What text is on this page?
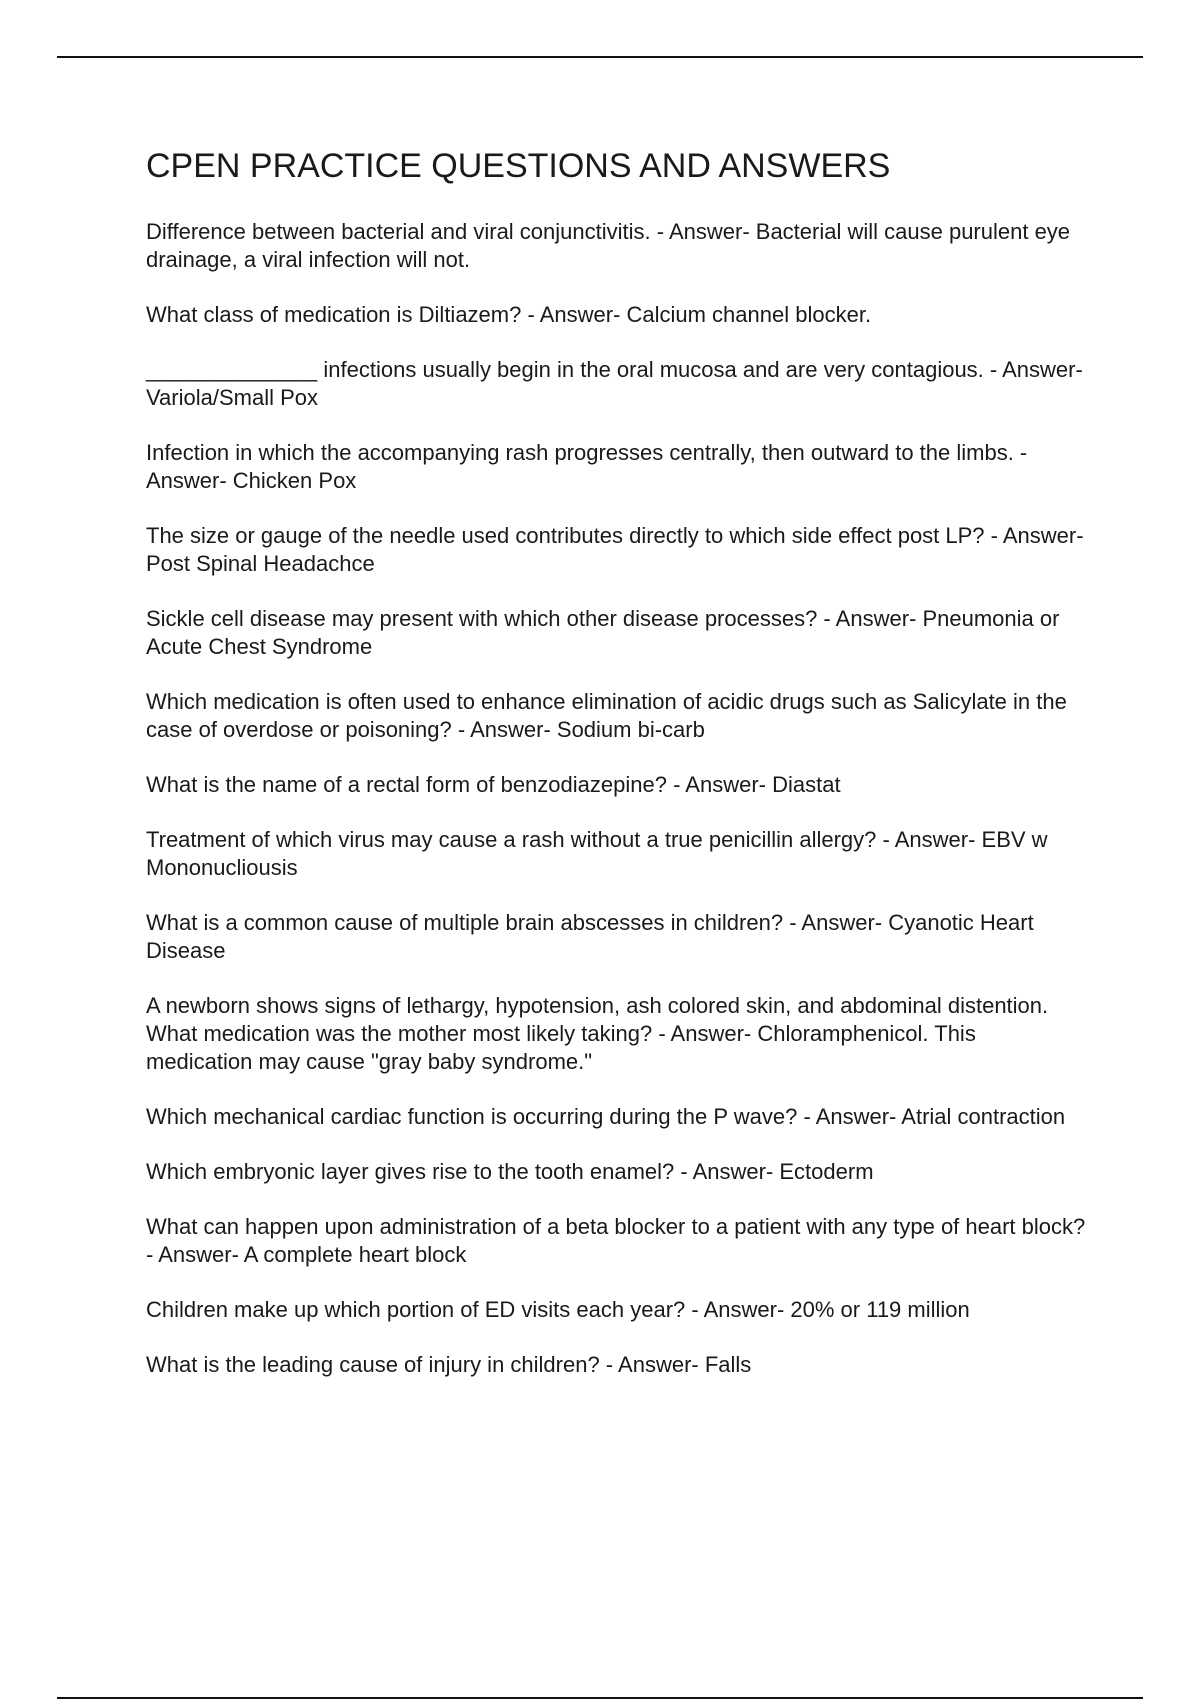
CPEN PRACTICE QUESTIONS AND ANSWERS
Difference between bacterial and viral conjunctivitis. - Answer- Bacterial will cause purulent eye drainage, a viral infection will not.
What class of medication is Diltiazem? - Answer- Calcium channel blocker.
______________ infections usually begin in the oral mucosa and are very contagious. - Answer- Variola/Small Pox
Infection in which the accompanying rash progresses centrally, then outward to the limbs. - Answer- Chicken Pox
The size or gauge of the needle used contributes directly to which side effect post LP? - Answer- Post Spinal Headachce
Sickle cell disease may present with which other disease processes? - Answer- Pneumonia or Acute Chest Syndrome
Which medication is often used to enhance elimination of acidic drugs such as Salicylate in the case of overdose or poisoning? - Answer- Sodium bi-carb
What is the name of a rectal form of benzodiazepine? - Answer- Diastat
Treatment of which virus may cause a rash without a true penicillin allergy? - Answer- EBV w Mononucliousis
What is a common cause of multiple brain abscesses in children? - Answer- Cyanotic Heart Disease
A newborn shows signs of lethargy, hypotension, ash colored skin, and abdominal distention. What medication was the mother most likely taking? - Answer- Chloramphenicol. This medication may cause "gray baby syndrome."
Which mechanical cardiac function is occurring during the P wave? - Answer- Atrial contraction
Which embryonic layer gives rise to the tooth enamel? - Answer- Ectoderm
What can happen upon administration of a beta blocker to a patient with any type of heart block? - Answer- A complete heart block
Children make up which portion of ED visits each year? - Answer- 20% or 119 million
What is the leading cause of injury in children? - Answer- Falls
